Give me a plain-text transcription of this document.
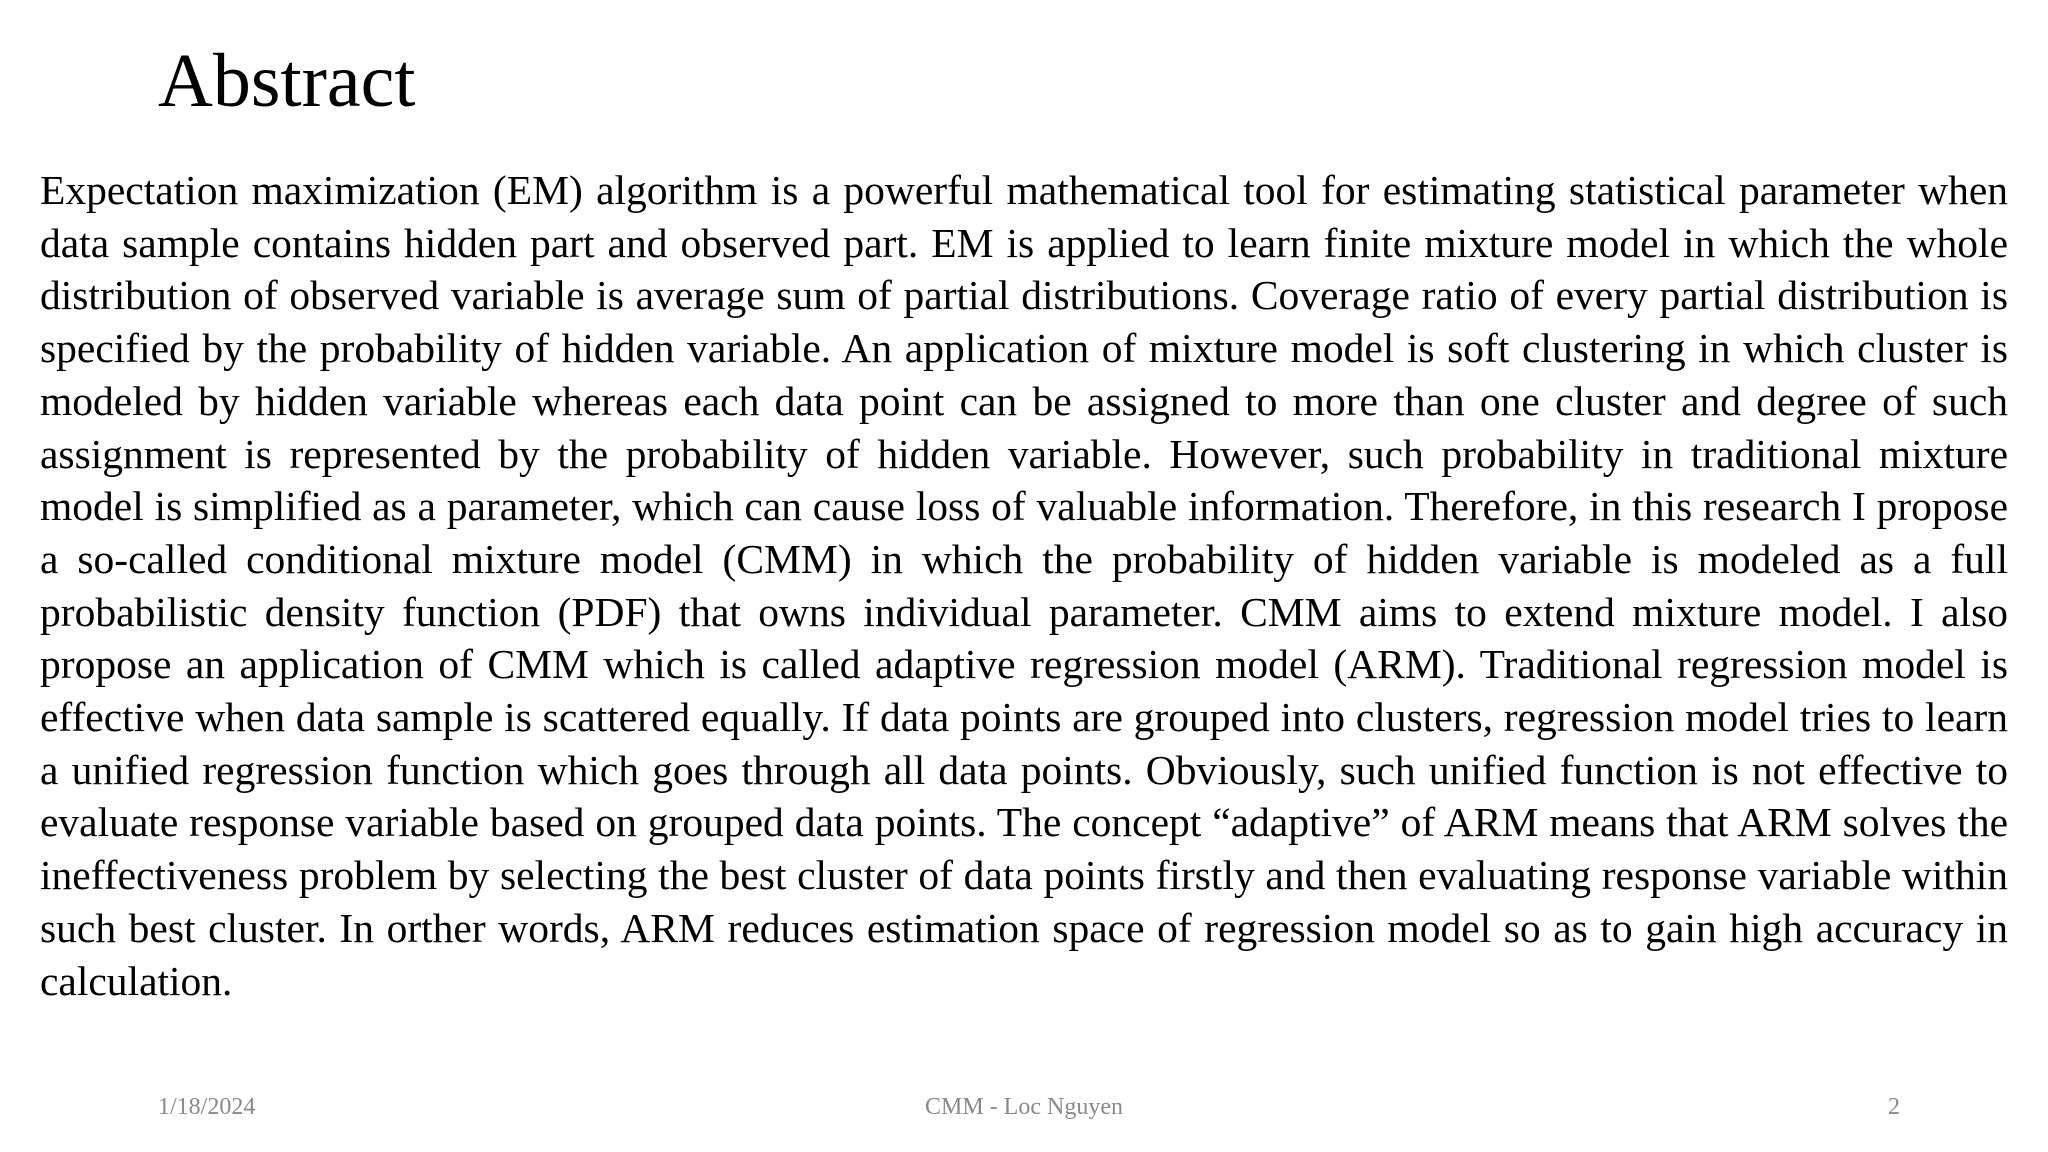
Abstract

Expectation maximization (EM) algorithm is a powerful mathematical tool for estimating statistical parameter when data sample contains hidden part and observed part. EM is applied to learn finite mixture model in which the whole distribution of observed variable is average sum of partial distributions. Coverage ratio of every partial distribution is specified by the probability of hidden variable. An application of mixture model is soft clustering in which cluster is modeled by hidden variable whereas each data point can be assigned to more than one cluster and degree of such assignment is represented by the probability of hidden variable. However, such probability in traditional mixture model is simplified as a parameter, which can cause loss of valuable information. Therefore, in this research I propose a so-called conditional mixture model (CMM) in which the probability of hidden variable is modeled as a full probabilistic density function (PDF) that owns individual parameter. CMM aims to extend mixture model. I also propose an application of CMM which is called adaptive regression model (ARM). Traditional regression model is effective when data sample is scattered equally. If data points are grouped into clusters, regression model tries to learn a unified regression function which goes through all data points. Obviously, such unified function is not effective to evaluate response variable based on grouped data points. The concept “adaptive” of ARM means that ARM solves the ineffectiveness problem by selecting the best cluster of data points firstly and then evaluating response variable within such best cluster. In orther words, ARM reduces estimation space of regression model so as to gain high accuracy in calculation.

1/18/2024	CMM - Loc Nguyen	2
